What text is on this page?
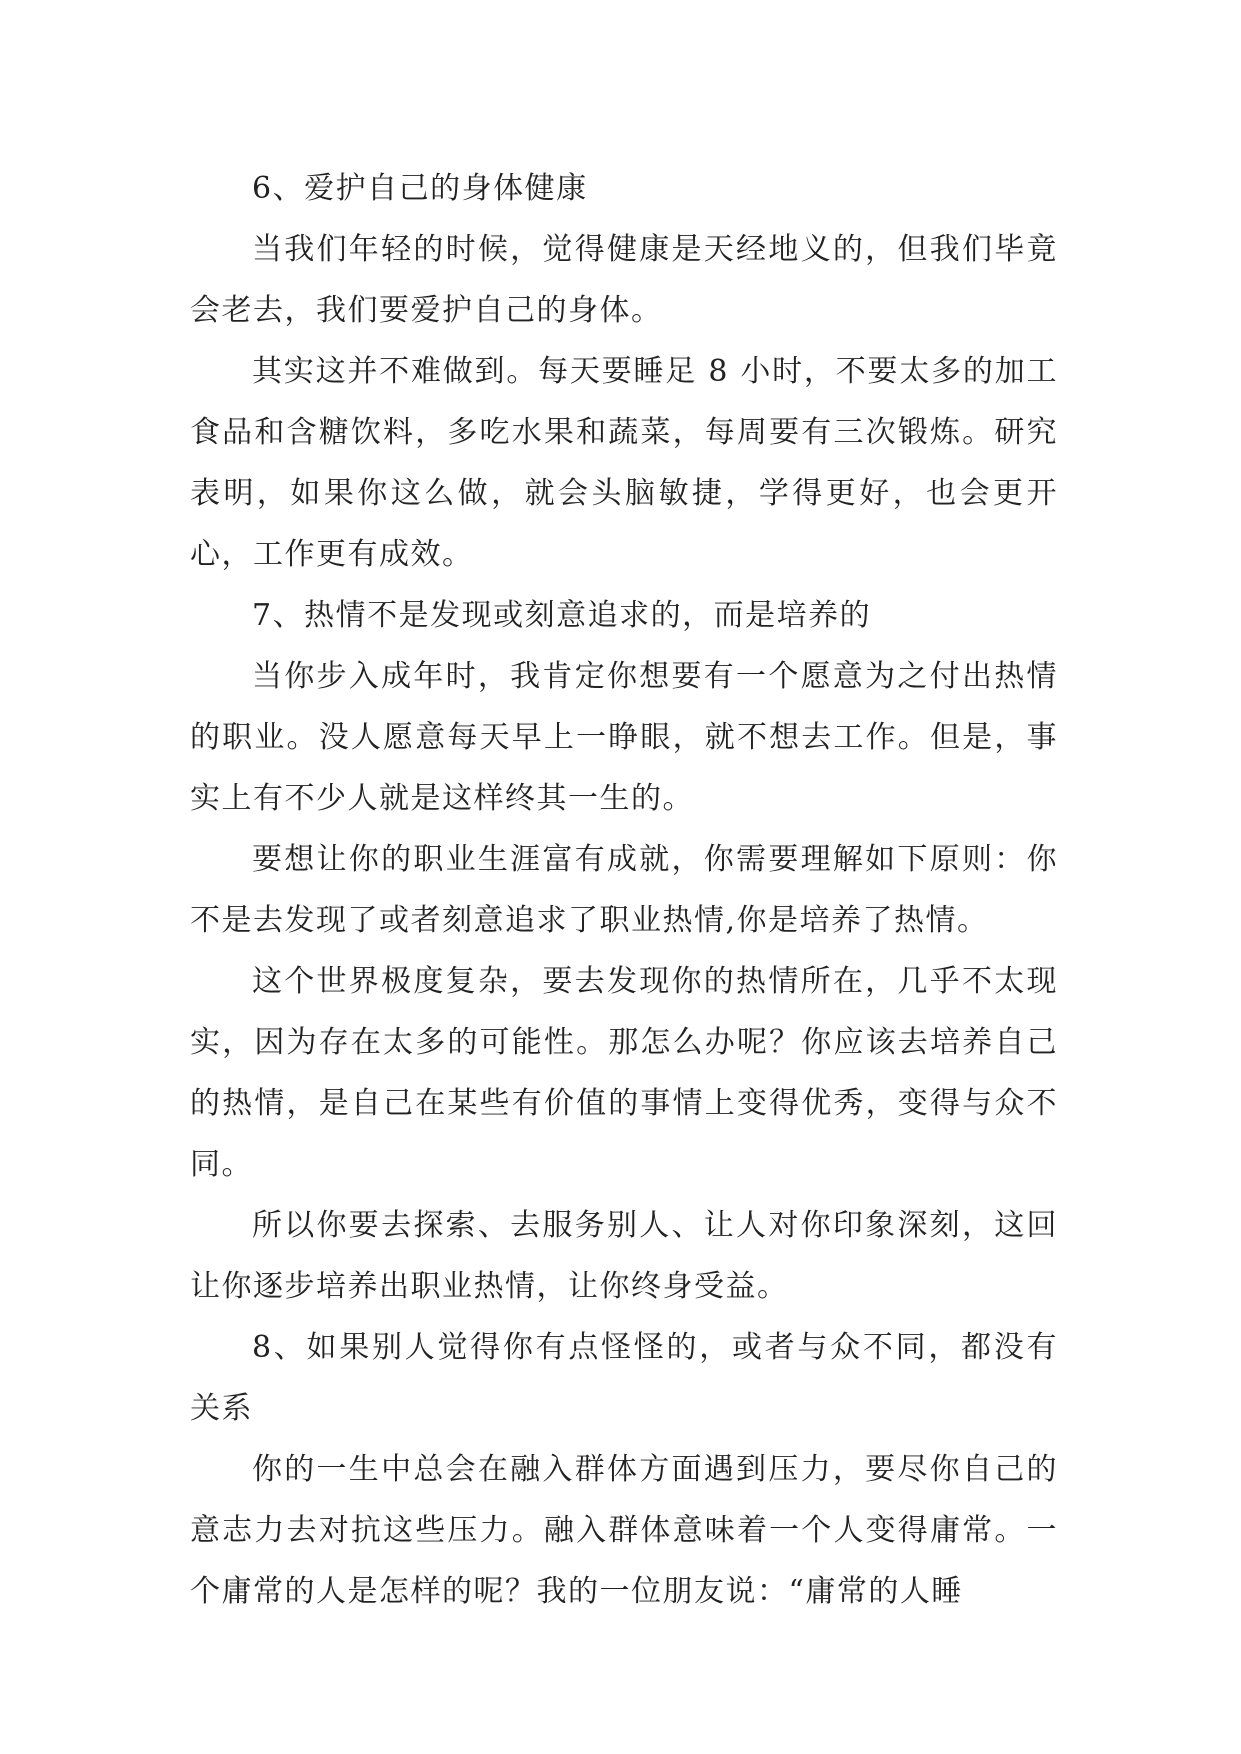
6、爱护自己的身体健康

当我们年轻的时候，觉得健康是天经地义的，但我们毕竟会老去，我们要爱护自己的身体。

其实这并不难做到。每天要睡足 8 小时，不要太多的加工食品和含糖饮料，多吃水果和蔬菜，每周要有三次锻炼。研究表明，如果你这么做，就会头脑敏捷，学得更好，也会更开心，工作更有成效。

7、热情不是发现或刻意追求的，而是培养的

当你步入成年时，我肯定你想要有一个愿意为之付出热情的职业。没人愿意每天早上一睁眼，就不想去工作。但是，事实上有不少人就是这样终其一生的。

要想让你的职业生涯富有成就，你需要理解如下原则：你不是去发现了或者刻意追求了职业热情,你是培养了热情。

这个世界极度复杂，要去发现你的热情所在，几乎不太现实，因为存在太多的可能性。那怎么办呢？你应该去培养自己的热情，是自己在某些有价值的事情上变得优秀，变得与众不同。

所以你要去探索、去服务别人、让人对你印象深刻，这回让你逐步培养出职业热情，让你终身受益。

8、如果别人觉得你有点怪怪的，或者与众不同，都没有关系

你的一生中总会在融入群体方面遇到压力，要尽你自己的意志力去对抗这些压力。融入群体意味着一个人变得庸常。一个庸常的人是怎样的呢？我的一位朋友说：“庸常的人睡
